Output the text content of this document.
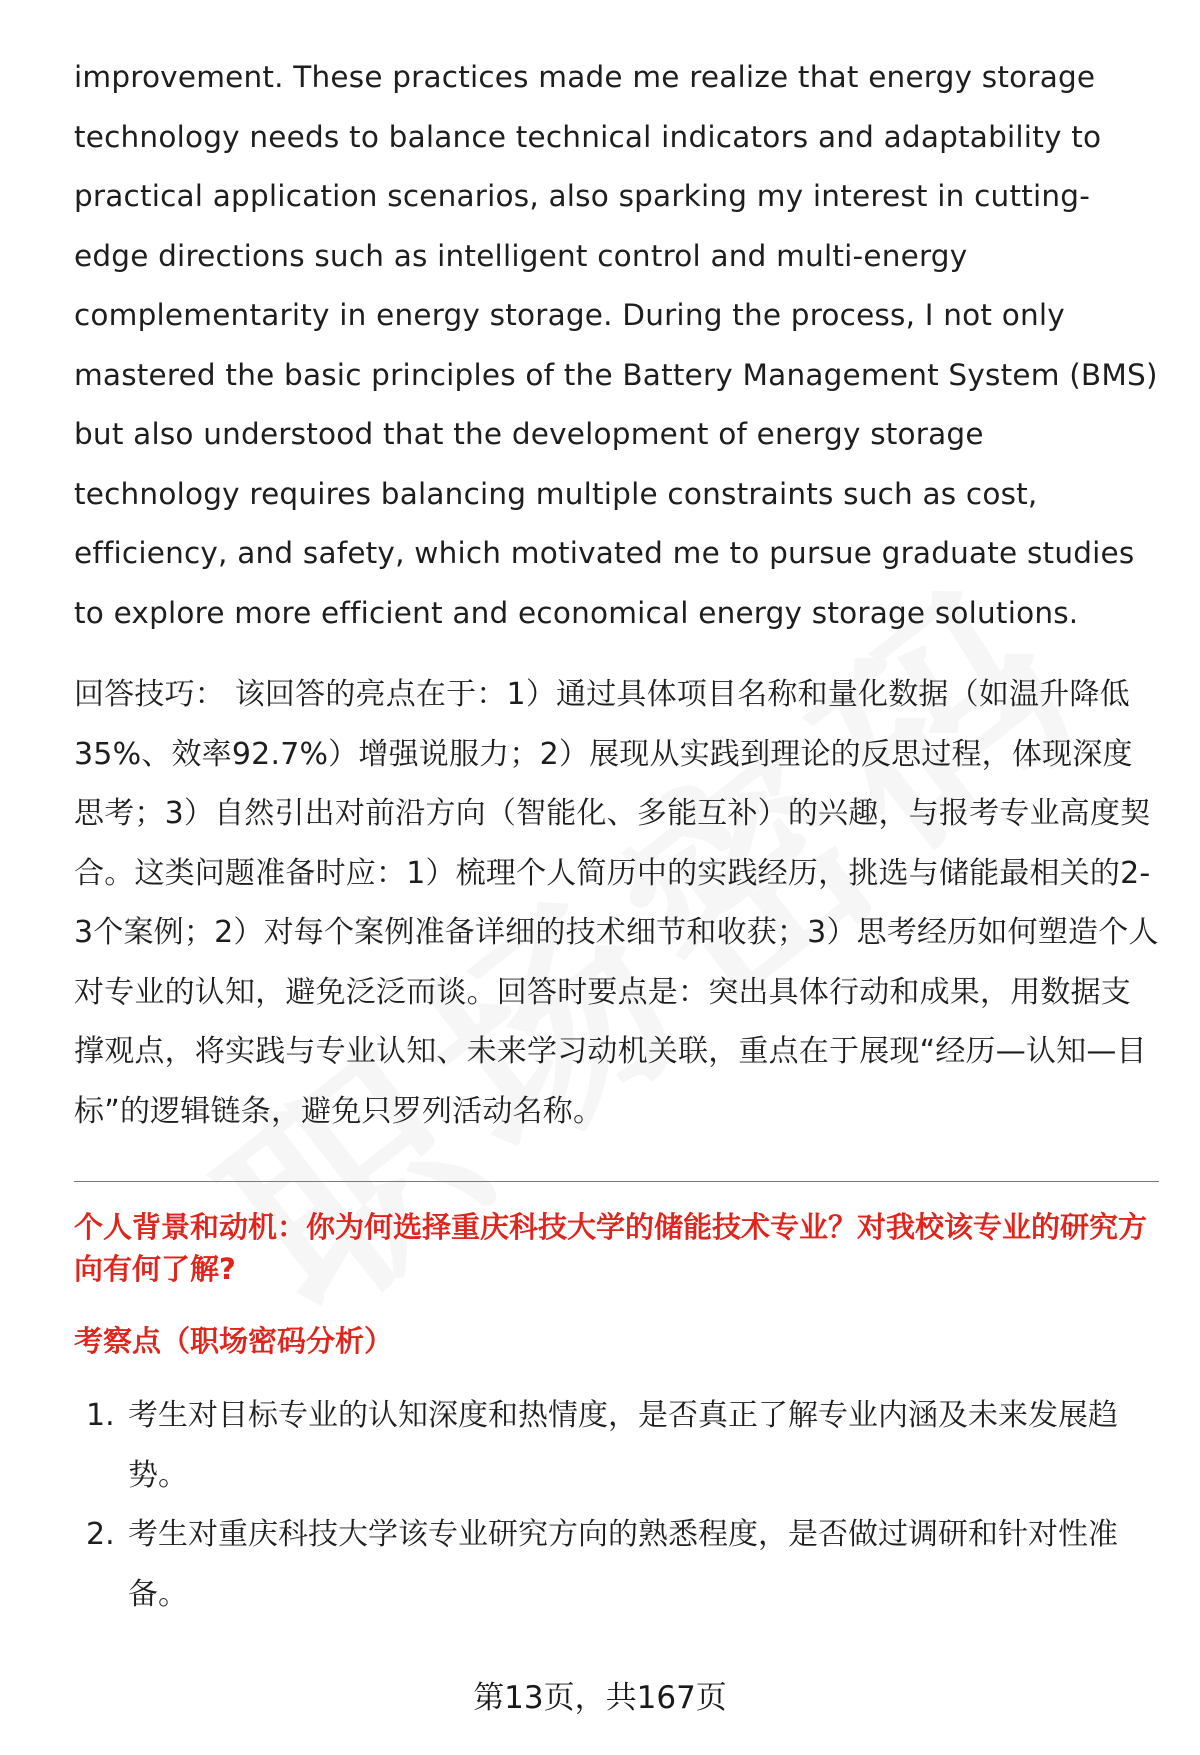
improvement. These practices made me realize that energy storage technology needs to balance technical indicators and adaptability to practical application scenarios, also sparking my interest in cutting-edge directions such as intelligent control and multi-energy complementarity in energy storage. During the process, I not only mastered the basic principles of the Battery Management System (BMS) but also understood that the development of energy storage technology requires balancing multiple constraints such as cost, efficiency, and safety, which motivated me to pursue graduate studies to explore more efficient and economical energy storage solutions.

回答技巧： 该回答的亮点在于：1）通过具体项目名称和量化数据（如温升降低35%、效率92.7%）增强说服力；2）展现从实践到理论的反思过程，体现深度思考；3）自然引出对前沿方向（智能化、多能互补）的兴趣，与报考专业高度契合。这类问题准备时应：1）梳理个人简历中的实践经历，挑选与储能最相关的2-3个案例；2）对每个案例准备详细的技术细节和收获；3）思考经历如何塑造个人对专业的认知，避免泛泛而谈。回答时要点是：突出具体行动和成果，用数据支撑观点，将实践与专业认知、未来学习动机关联，重点在于展现“经历—认知—目标”的逻辑链条，避免只罗列活动名称。

个人背景和动机：你为何选择重庆科技大学的储能技术专业？对我校该专业的研究方向有何了解?
考察点（职场密码分析）
1. 考生对目标专业的认知深度和热情度，是否真正了解专业内涵及未来发展趋势。
2. 考生对重庆科技大学该专业研究方向的熟悉程度，是否做过调研和针对性准备。
第13页，共167页
